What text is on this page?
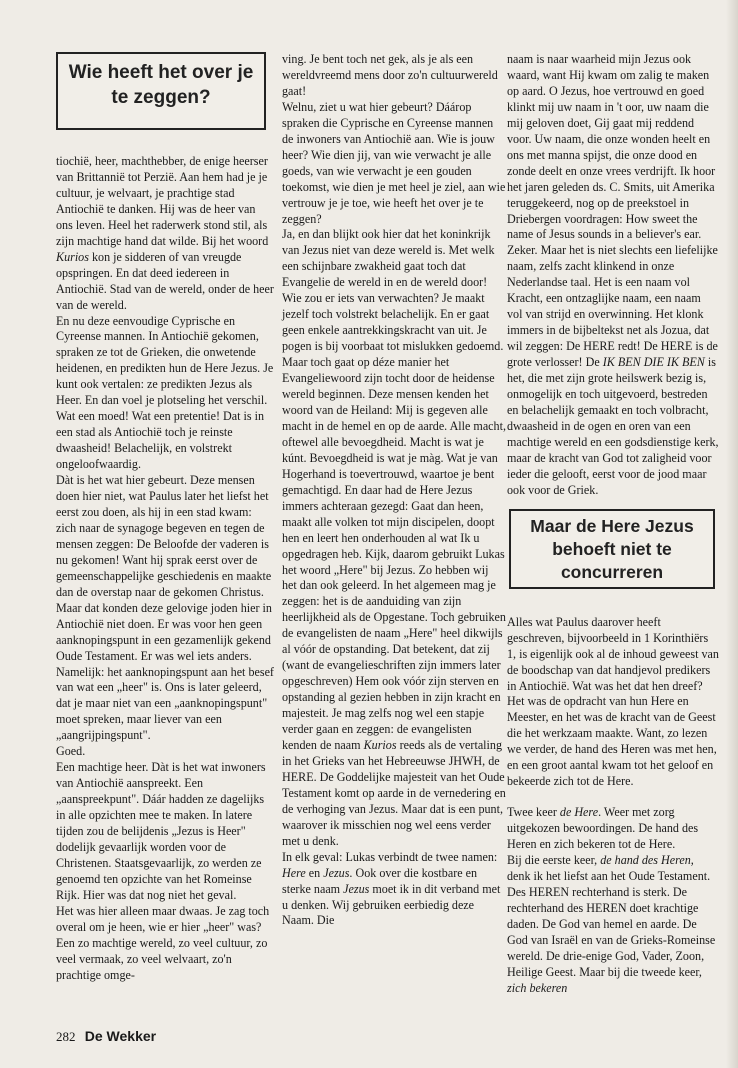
Wie heeft het over je te zeggen?

tiochië, heer, machthebber, de enige heerser van Brittannië tot Perzië. Aan hem had je je cultuur, je welvaart, je prachtige stad Antiochië te danken. Hij was de heer van ons leven. Heel het raderwerk stond stil, als zijn machtige hand dat wilde. Bij het woord Kurios kon je sidderen of van vreugde opspringen. En dat deed iedereen in Antiochië. Stad van de wereld, onder de heer van de wereld.

En nu deze eenvoudige Cyprische en Cyreense mannen. In Antiochië gekomen, spraken ze tot de Grieken, die onwetende heidenen, en predikten hun de Here Jezus. Je kunt ook vertalen: ze predikten Jezus als Heer. En dan voel je plotseling het verschil. Wat een moed! Wat een pretentie! Dat is in een stad als Antiochië toch je reinste dwaasheid! Belachelijk, en volstrekt ongeloofwaardig.

Dàt is het wat hier gebeurt. Deze mensen doen hier niet, wat Paulus later het liefst het eerst zou doen, als hij in een stad kwam: zich naar de synagoge begeven en tegen de mensen zeggen: De Beloofde der vaderen is nu gekomen! Want hij sprak eerst over de gemeenschappelijke geschiedenis en maakte dan de overstap naar de gekomen Christus. Maar dat konden deze gelovige joden hier in Antiochië niet doen. Er was voor hen geen aanknopingspunt in een gezamenlijk gekend Oude Testament. Er was wel iets anders.

Namelijk: het aanknopingspunt aan het besef van wat een „heer" is. Ons is later geleerd, dat je maar niet van een „aanknopingspunt" moet spreken, maar liever van een „aangrijpingspunt".

Goed.

Een machtige heer. Dàt is het wat inwoners van Antiochië aanspreekt. Een „aanspreekpunt". Dáár hadden ze dagelijks in alle opzichten mee te maken. In latere tijden zou de belijdenis „Jezus is Heer" dodelijk gevaarlijk worden voor de Christenen. Staatsgevaarlijk, zo werden ze genoemd ten opzichte van het Romeinse Rijk. Hier was dat nog niet het geval.

Het was hier alleen maar dwaas. Je zag toch overal om je heen, wie er hier „heer" was? Een zo machtige wereld, zo veel cultuur, zo veel vermaak, zo veel welvaart, zo'n prachtige omge-

ving. Je bent toch net gek, als je als een wereldvreemd mens door zo'n cultuurwereld gaat!

Welnu, ziet u wat hier gebeurt? Dáárop spraken die Cyprische en Cyreense mannen de inwoners van Antiochië aan. Wie is jouw heer? Wie dien jij, van wie verwacht je alle goeds, van wie verwacht je een gouden toekomst, wie dien je met heel je ziel, aan wie vertrouw je je toe, wie heeft het over je te zeggen?

Ja, en dan blijkt ook hier dat het koninkrijk van Jezus niet van deze wereld is. Met welk een schijnbare zwakheid gaat toch dat Evangelie de wereld in en de wereld door! Wie zou er iets van verwachten? Je maakt jezelf toch volstrekt belachelijk. En er gaat geen enkele aantrekkingskracht van uit. Je pogen is bij voorbaat tot mislukken gedoemd.

Maar toch gaat op déze manier het Evangeliewoord zijn tocht door de heidense wereld beginnen. Deze mensen kenden het woord van de Heiland: Mij is gegeven alle macht in de hemel en op de aarde. Alle macht, oftewel alle bevoegdheid. Macht is wat je kúnt. Bevoegdheid is wat je màg. Wat je van Hogerhand is toevertrouwd, waartoe je bent gemachtigd. En daar had de Here Jezus immers achteraan gezegd: Gaat dan heen, maakt alle volken tot mijn discipelen, doopt hen en leert hen onderhouden al wat Ik u opgedragen heb. Kijk, daarom gebruikt Lukas het woord „Here" bij Jezus. Zo hebben wij het dan ook geleerd. In het algemeen mag je zeggen: het is de aanduiding van zijn heerlijkheid als de Opgestane. Toch gebruiken de evangelisten de naam „Here" heel dikwijls al vóór de opstanding. Dat betekent, dat zij (want de evangelieschriften zijn immers later opgeschreven) Hem ook vóór zijn sterven en opstanding al gezien hebben in zijn kracht en majesteit. Je mag zelfs nog wel een stapje verder gaan en zeggen: de evangelisten kenden de naam Kurios reeds als de vertaling in het Grieks van het Hebreeuwse JHWH, de HERE. De Goddelijke majesteit van het Oude Testament komt op aarde in de vernedering en de verhoging van Jezus. Maar dat is een punt, waarover ik misschien nog wel eens verder met u denk.

In elk geval: Lukas verbindt de twee namen: Here en Jezus. Ook over die kostbare en sterke naam Jezus moet ik in dit verband met u denken. Wij gebruiken eerbiedig deze Naam. Die

naam is naar waarheid mijn Jezus ook waard, want Hij kwam om zalig te maken op aard. O Jezus, hoe vertrouwd en goed klinkt mij uw naam in 't oor, uw naam die mij geloven doet, Gij gaat mij reddend voor. Uw naam, die onze wonden heelt en ons met manna spijst, die onze dood en zonde deelt en onze vrees verdrijft. Ik hoor het jaren geleden ds. C. Smits, uit Amerika teruggekeerd, nog op de preekstoel in Driebergen voordragen: How sweet the name of Jesus sounds in a believer's ear. Zeker. Maar het is niet slechts een liefelijke naam, zelfs zacht klinkend in onze Nederlandse taal. Het is een naam vol Kracht, een ontzaglijke naam, een naam vol van strijd en overwinning. Het klonk immers in de bijbeltekst net als Jozua, dat wil zeggen: De HERE redt! De HERE is de grote verlosser! De IK BEN DIE IK BEN is het, die met zijn grote heilswerk bezig is, onmogelijk en toch uitgevoerd, bestreden en belachelijk gemaakt en toch volbracht, dwaasheid in de ogen en oren van een machtige wereld en een godsdienstige kerk, maar de kracht van God tot zaligheid voor ieder die gelooft, eerst voor de jood maar ook voor de Griek.

Maar de Here Jezus behoeft niet te concurreren

Alles wat Paulus daarover heeft geschreven, bijvoorbeeld in 1 Korinthiërs 1, is eigenlijk ook al de inhoud geweest van de boodschap van dat handjevol predikers in Antiochië. Wat was het dat hen dreef? Het was de opdracht van hun Here en Meester, en het was de kracht van de Geest die het werkzaam maakte. Want, zo lezen we verder, de hand des Heren was met hen, en een groot aantal kwam tot het geloof en bekeerde zich tot de Here.

Twee keer de Here. Weer met zorg uitgekozen bewoordingen. De hand des Heren en zich bekeren tot de Here.

Bij die eerste keer, de hand des Heren, denk ik het liefst aan het Oude Testament. Des HEREN rechterhand is sterk. De rechterhand des HEREN doet krachtige daden. De God van hemel en aarde. De God van Israël en van de Grieks-Romeinse wereld. De drie-enige God, Vader, Zoon, Heilige Geest. Maar bij die tweede keer, zich bekeren

282 De Wekker
